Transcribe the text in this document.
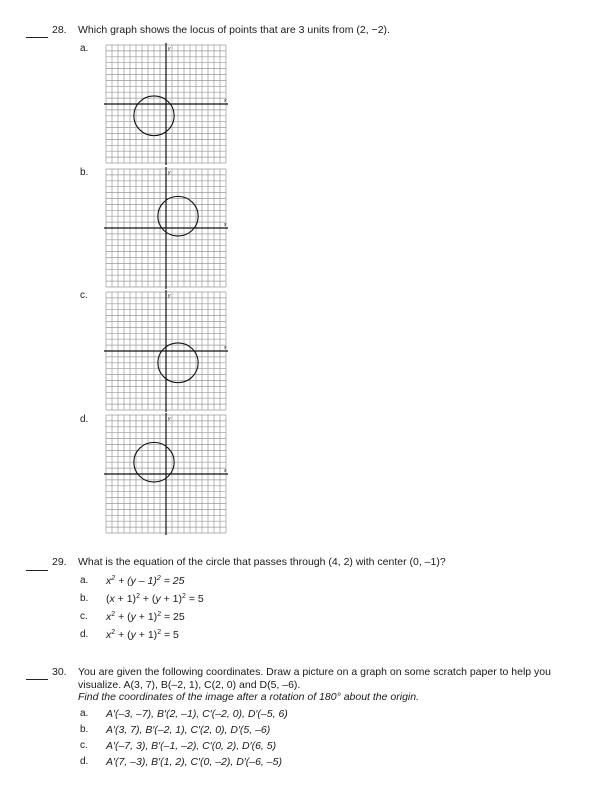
28. Which graph shows the locus of points that are 3 units from (2, −2).
a.
b.
c.
d.
x
y
x
y
x
y
x
y
29. What is the equation of the circle that passes through (4, 2) with center (0, –1)?
a. $x^2 + (y - 1)^2 = 25$
b. $(x + 1)^2 + (y + 1)^2 = 5$
c. $x^2 + (y + 1)^2 = 25$
d. $x^2 + (y + 1)^2 = 5$
30. You are given the following coordinates. Draw a picture on a graph on some scratch paper to help you
visualize. A(3, 7), B(–2, 1), C(2, 0) and D(5, –6).
Find the coordinates of the image after a rotation of 180° about the origin.
a. A′(–3, –7), B′(2, –1), C′(–2, 0), D′(–5, 6)
b. A′(3, 7), B′(–2, 1), C′(2, 0), D′(5, –6)
c. A′(–7, 3), B′(–1, –2), C′(0, 2), D′(6, 5)
d. A′(7, –3), B′(1, 2), C′(0, –2), D′(–6, –5)
